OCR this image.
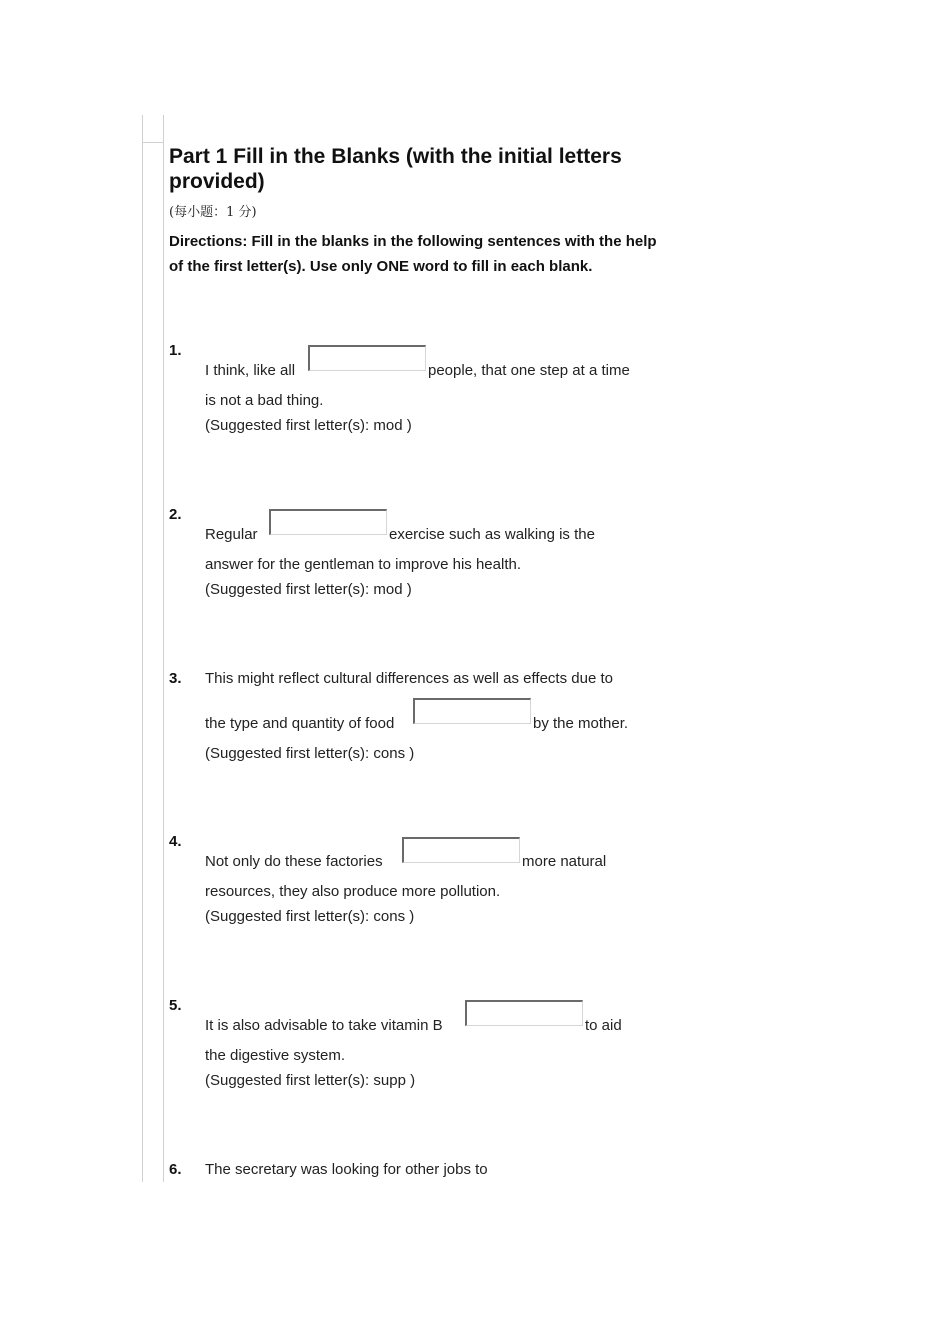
Part 1 Fill in the Blanks (with the initial letters provided)
(每小题：1 分)
Directions: Fill in the blanks in the following sentences with the help of the first letter(s). Use only ONE word to fill in each blank.
1.
I think, like all	people, that one step at a time
is not a bad thing.
(Suggested first letter(s): mod )
2.
Regular	exercise such as walking is the
answer for the gentleman to improve his health.
(Suggested first letter(s): mod )
3. This might reflect cultural differences as well as effects due to
the type and quantity of food	by the mother.
(Suggested first letter(s): cons )
4.
Not only do these factories	more natural
resources, they also produce more pollution.
(Suggested first letter(s): cons )
5.
It is also advisable to take vitamin B	to aid
the digestive system.
(Suggested first letter(s): supp )
6. The secretary was looking for other jobs to
